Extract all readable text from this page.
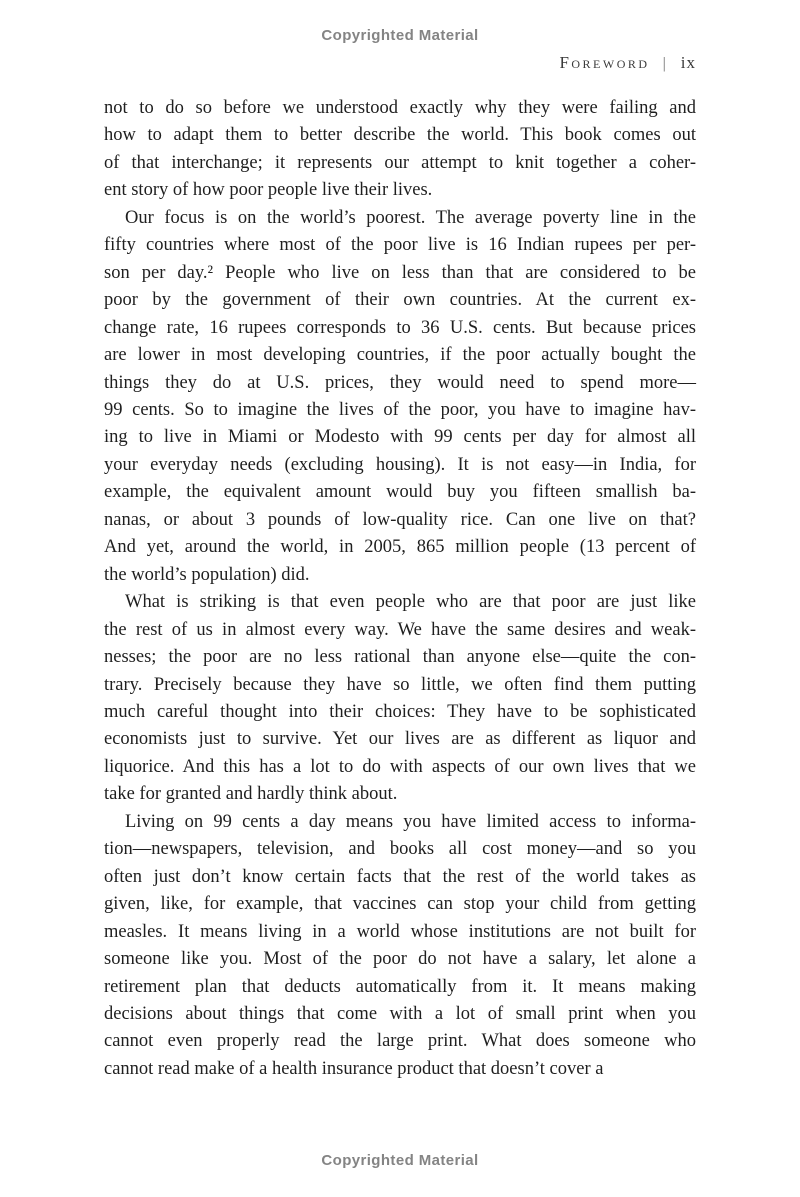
Copyrighted Material
Foreword | ix
not to do so before we understood exactly why they were failing and
how to adapt them to better describe the world. This book comes out
of that interchange; it represents our attempt to knit together a coher-
ent story of how poor people live their lives.
Our focus is on the world’s poorest. The average poverty line in the
fifty countries where most of the poor live is 16 Indian rupees per per-
son per day.² People who live on less than that are considered to be
poor by the government of their own countries. At the current ex-
change rate, 16 rupees corresponds to 36 U.S. cents. But because prices
are lower in most developing countries, if the poor actually bought the
things they do at U.S. prices, they would need to spend more—
99 cents. So to imagine the lives of the poor, you have to imagine hav-
ing to live in Miami or Modesto with 99 cents per day for almost all
your everyday needs (excluding housing). It is not easy—in India, for
example, the equivalent amount would buy you fifteen smallish ba-
nanas, or about 3 pounds of low-quality rice. Can one live on that?
And yet, around the world, in 2005, 865 million people (13 percent of
the world’s population) did.
What is striking is that even people who are that poor are just like
the rest of us in almost every way. We have the same desires and weak-
nesses; the poor are no less rational than anyone else—quite the con-
trary. Precisely because they have so little, we often find them putting
much careful thought into their choices: They have to be sophisticated
economists just to survive. Yet our lives are as different as liquor and
liquorice. And this has a lot to do with aspects of our own lives that we
take for granted and hardly think about.
Living on 99 cents a day means you have limited access to informa-
tion—newspapers, television, and books all cost money—and so you
often just don’t know certain facts that the rest of the world takes as
given, like, for example, that vaccines can stop your child from getting
measles. It means living in a world whose institutions are not built for
someone like you. Most of the poor do not have a salary, let alone a
retirement plan that deducts automatically from it. It means making
decisions about things that come with a lot of small print when you
cannot even properly read the large print. What does someone who
cannot read make of a health insurance product that doesn’t cover a
Copyrighted Material
